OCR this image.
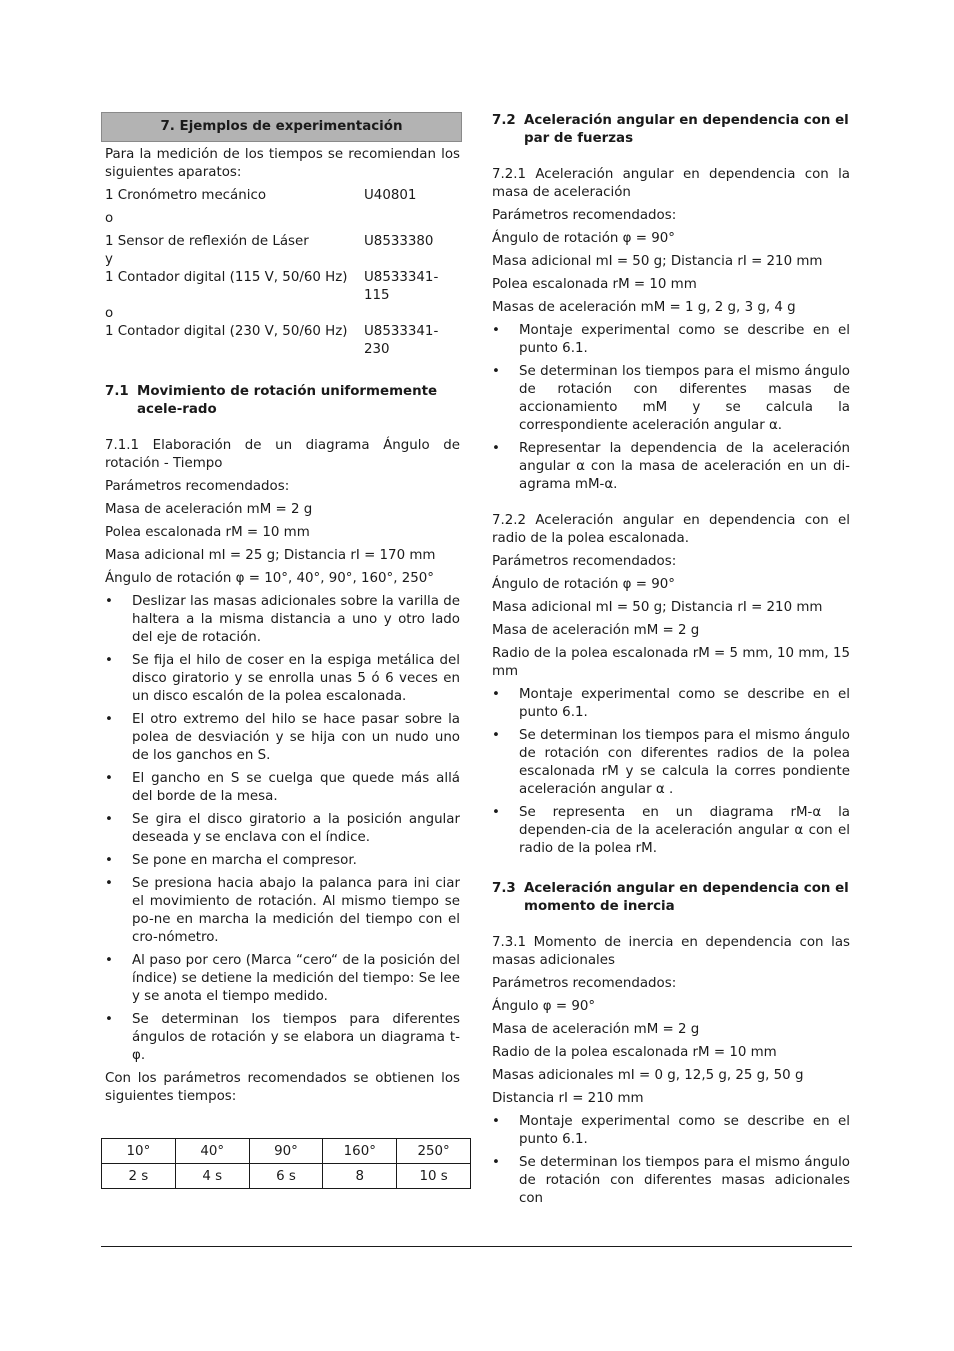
7. Ejemplos de experimentación

Para la medición de los tiempos se recomiendan los siguientes aparatos:

1 Cronómetro mecánico	U40801
o
1 Sensor de reflexión de Láser	U8533380
y
1 Contador digital (115 V, 50/60 Hz) U8533341-115
o
1 Contador digital (230 V, 50/60 Hz) U8533341-230
7.1 Movimiento de rotación uniformemente acele-rado

7.1.1 Elaboración de un diagrama Ángulo de rotación - Tiempo

Parámetros recomendados:

Masa de aceleración mM = 2 g

Polea escalonada rM = 10 mm

Masa adicional mI = 25 g; Distancia rI = 170 mm

Ángulo de rotación φ = 10°, 40°, 90°, 160°, 250°

• Deslizar las masas adicionales sobre la varilla de haltera a la misma distancia a uno y otro lado del eje de rotación.
• Se fija el hilo de coser en la espiga metálica del disco giratorio y se enrolla unas 5 ó 6 veces en un disco escalón de la polea escalonada.
• El otro extremo del hilo se hace pasar sobre la polea de desviación y se hija con un nudo uno de los ganchos en S.
• El gancho en S se cuelga que quede más allá del borde de la mesa.
• Se gira el disco giratorio a la posición angular deseada y se enclava con el índice.
• Se pone en marcha el compresor.
• Se presiona hacia abajo la palanca para ini ciar el movimiento de rotación. Al mismo tiempo se po-ne en marcha la medición del tiempo con el cro-nómetro.
• Al paso por cero (Marca “cero“ de la posición del índice) se detiene la medición del tiempo: Se lee y se anota el tiempo medido.
• Se determinan los tiempos para diferentes ángulos de rotación y se elabora un diagrama t-φ.

Con los parámetros recomendados se obtienen los siguientes tiempos:

10°	40°	90°	160°	250°
2 s	4 s	6 s	8	10 s
7.2 Aceleración angular en dependencia con el par de fuerzas

7.2.1 Aceleración angular en dependencia con la masa de aceleración

Parámetros recomendados:

Ángulo de rotación φ = 90°

Masa adicional mI = 50 g; Distancia rI = 210 mm

Polea escalonada rM = 10 mm

Masas de aceleración mM = 1 g, 2 g, 3 g, 4 g

• Montaje experimental como se describe en el punto 6.1.
• Se determinan los tiempos para el mismo ángulo de rotación con diferentes masas de accionamiento mM y se calcula la correspondiente aceleración angular α.
• Representar la dependencia de la aceleración angular α con la masa de aceleración en un di-agrama mM-α.

7.2.2 Aceleración angular en dependencia con el radio de la polea escalonada.

Parámetros recomendados:

Ángulo de rotación φ = 90°

Masa adicional mI = 50 g; Distancia rI = 210 mm

Masa de aceleración mM = 2 g

Radio de la polea escalonada rM = 5 mm, 10 mm, 15 mm

• Montaje experimental como se describe en el punto 6.1.
• Se determinan los tiempos para el mismo ángulo de rotación con diferentes radios de la polea escalonada rM y se calcula la corres pondiente aceleración angular α .
• Se representa en un diagrama rM-α la dependen-cia de la aceleración angular α con el radio de la polea rM.
7.3 Aceleración angular en dependencia con el momento de inercia

7.3.1 Momento de inercia en dependencia con las masas adicionales

Parámetros recomendados:

Ángulo φ = 90°

Masa de aceleración mM = 2 g

Radio de la polea escalonada rM = 10 mm

Masas adicionales mI = 0 g, 12,5 g, 25 g, 50 g

Distancia rI = 210 mm

• Montaje experimental como se describe en el punto 6.1.
• Se determinan los tiempos para el mismo ángulo de rotación con diferentes masas adicionales con
